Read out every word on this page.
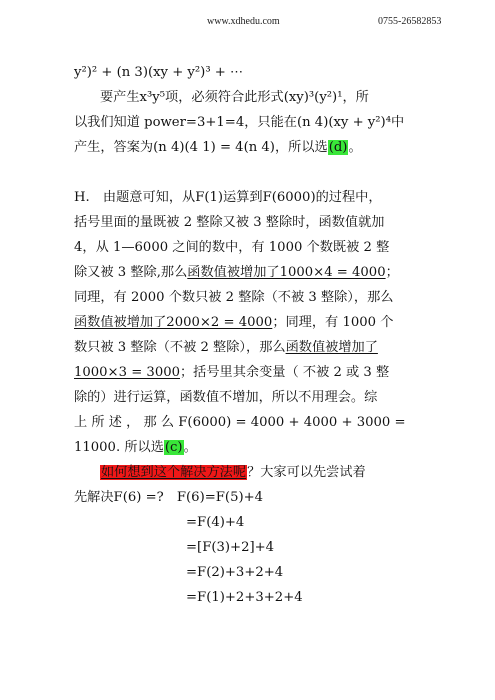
www.xdhedu.com	0755-26582853
y²)² + (n 3)(xy + y²)³ + ⋯
要产生x³y⁵项，必须符合此形式(xy)³(y²)¹，所
以我们知道 power=3+1=4，只能在(n 4)(xy + y²)⁴中
产生，答案为(n 4)(4 1) = 4(n 4)，所以选(d)。
H.　由题意可知，从F(1)运算到F(6000)的过程中，
括号里面的量既被 2 整除又被 3 整除时，函数值就加
4，从 1—6000 之间的数中，有 1000 个数既被 2 整
除又被 3 整除,那么函数值被增加了1000×4 = 4000；
同理，有 2000 个数只被 2 整除（不被 3 整除），那么
函数值被增加了2000×2 = 4000；同理，有 1000 个
数只被 3 整除（不被 2 整除），那么函数值被增加了
1000×3 = 3000；括号里其余变量（ 不被 2 或 3 整
除的）进行运算，函数值不增加，所以不用理会。综
上 所 述 ， 那 么 F(6000) = 4000 + 4000 + 3000 =
11000. 所以选(c)。
如何想到这个解决方法呢？大家可以先尝试着
先解决F(6) =?　F(6)=F(5)+4
=F(4)+4
=[F(3)+2]+4
=F(2)+3+2+4
=F(1)+2+3+2+4
